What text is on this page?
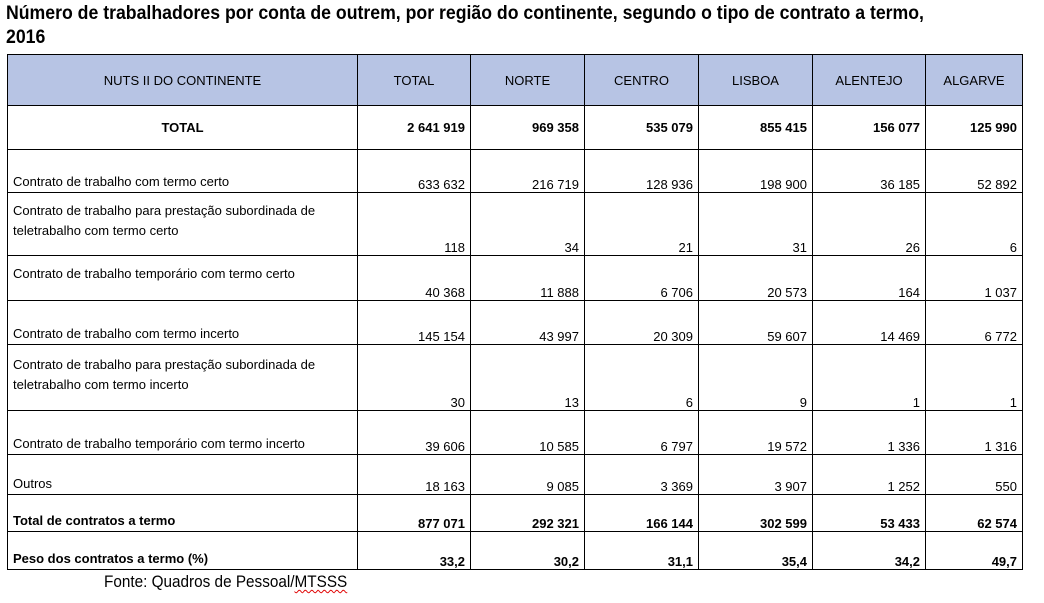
Número de trabalhadores por conta de outrem, por região do continente, segundo o tipo de contrato a termo, 2016
NUTS II DO CONTINENTE	TOTAL	NORTE	CENTRO	LISBOA	ALENTEJO	ALGARVE
TOTAL	2 641 919	969 358	535 079	855 415	156 077	125 990
Contrato de trabalho com termo certo	633 632	216 719	128 936	198 900	36 185	52 892
Contrato de trabalho para prestação subordinada de teletrabalho com termo certo	118	34	21	31	26	6
Contrato de trabalho temporário com termo certo	40 368	11 888	6 706	20 573	164	1 037
Contrato de trabalho com termo incerto	145 154	43 997	20 309	59 607	14 469	6 772
Contrato de trabalho para prestação subordinada de teletrabalho com termo incerto	30	13	6	9	1	1
Contrato de trabalho temporário com termo incerto	39 606	10 585	6 797	19 572	1 336	1 316
Outros	18 163	9 085	3 369	3 907	1 252	550
Total de contratos a termo	877 071	292 321	166 144	302 599	53 433	62 574
Peso dos contratos a termo (%)	33,2	30,2	31,1	35,4	34,2	49,7
Fonte: Quadros de Pessoal/MTSSS
